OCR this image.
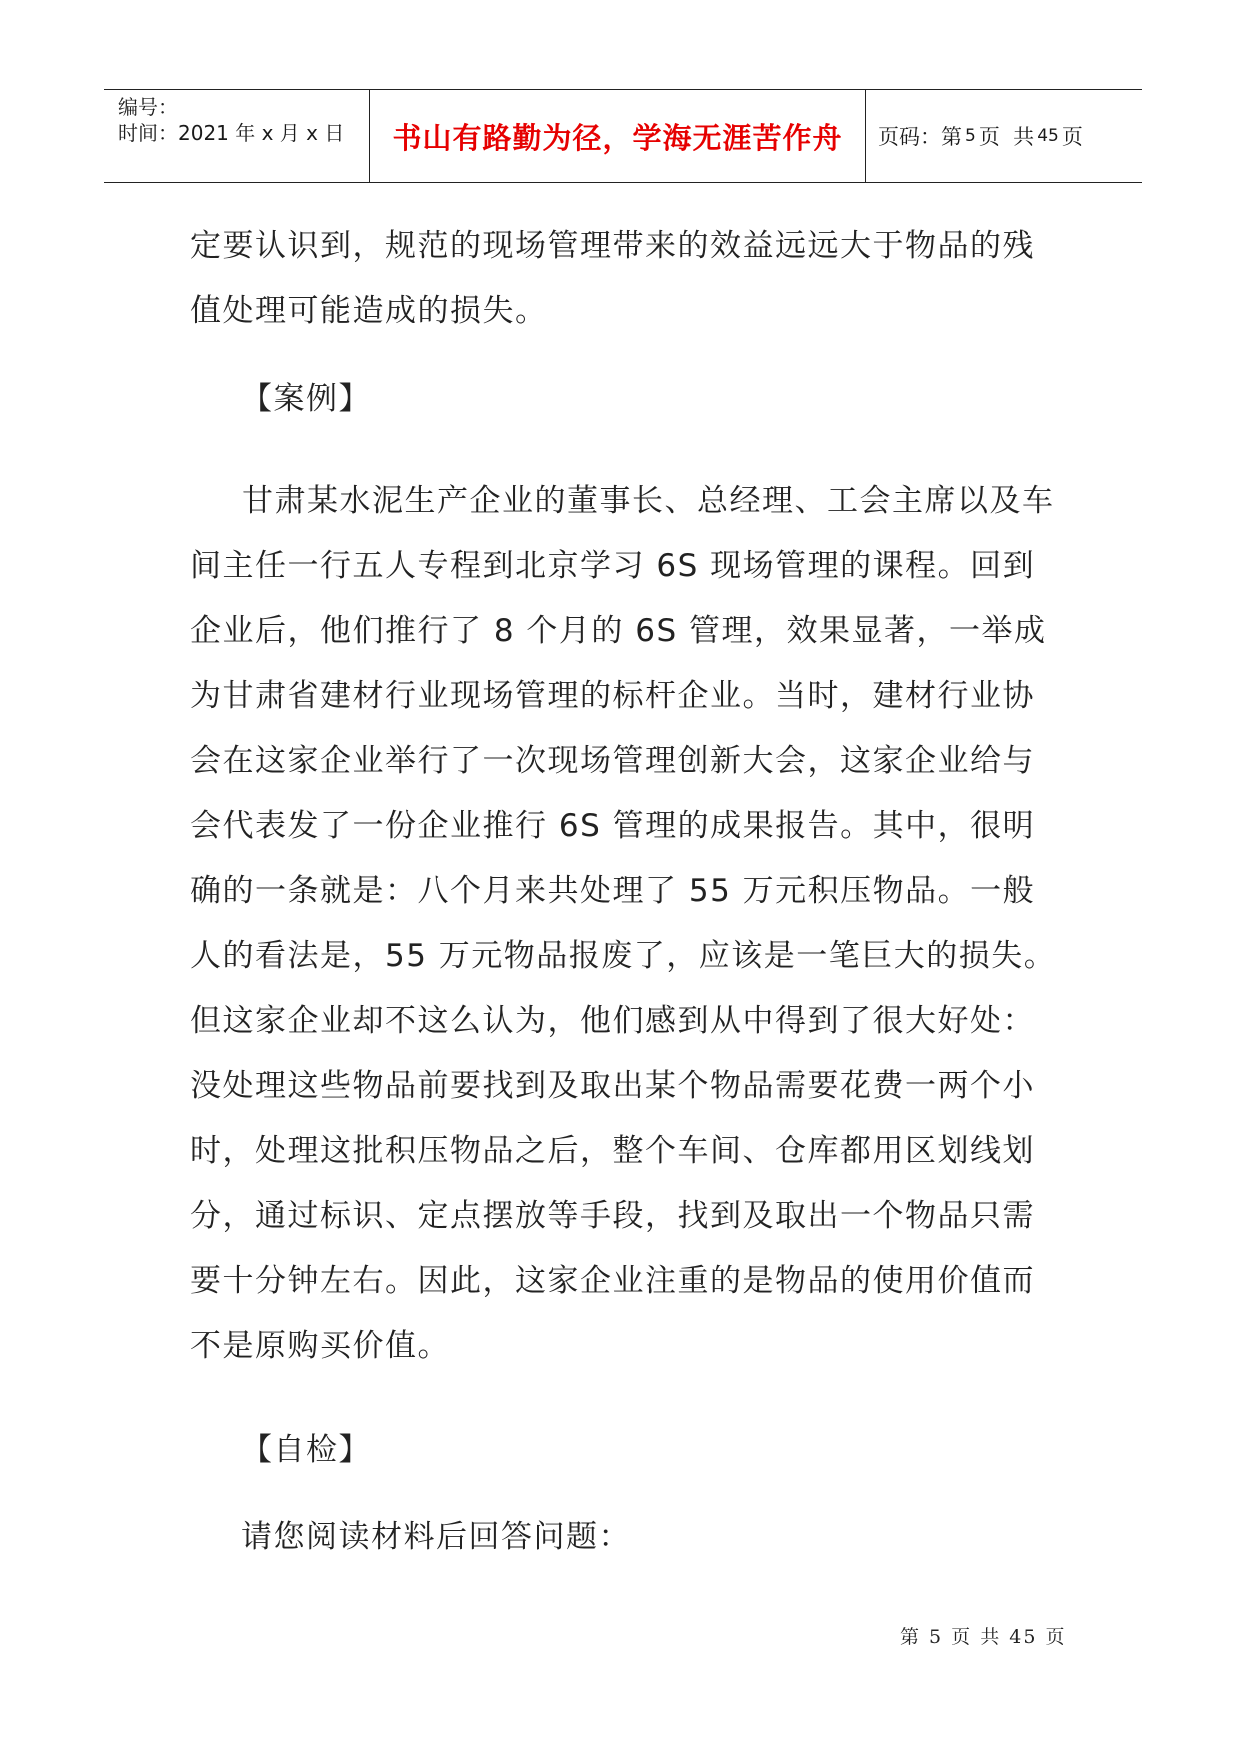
编号：
时间：2021 年 x 月 x 日	书山有路勤为径，学海无涯苦作舟 页码：第 5 页  共 45 页
定要认识到，规范的现场管理带来的效益远远大于物品的残值处理可能造成的损失。
【案例】
甘肃某水泥生产企业的董事长、总经理、工会主席以及车间主任一行五人专程到北京学习 6S 现场管理的课程。回到企业后，他们推行了 8 个月的 6S 管理，效果显著，一举成为甘肃省建材行业现场管理的标杆企业。当时，建材行业协会在这家企业举行了一次现场管理创新大会，这家企业给与会代表发了一份企业推行 6S 管理的成果报告。其中，很明确的一条就是：八个月来共处理了 55 万元积压物品。一般人的看法是，55 万元物品报废了，应该是一笔巨大的损失。但这家企业却不这么认为，他们感到从中得到了很大好处：没处理这些物品前要找到及取出某个物品需要花费一两个小时，处理这批积压物品之后，整个车间、仓库都用区划线划分，通过标识、定点摆放等手段，找到及取出一个物品只需要十分钟左右。因此，这家企业注重的是物品的使用价值而不是原购买价值。
【自检】
请您阅读材料后回答问题：
第 5 页 共 45 页
